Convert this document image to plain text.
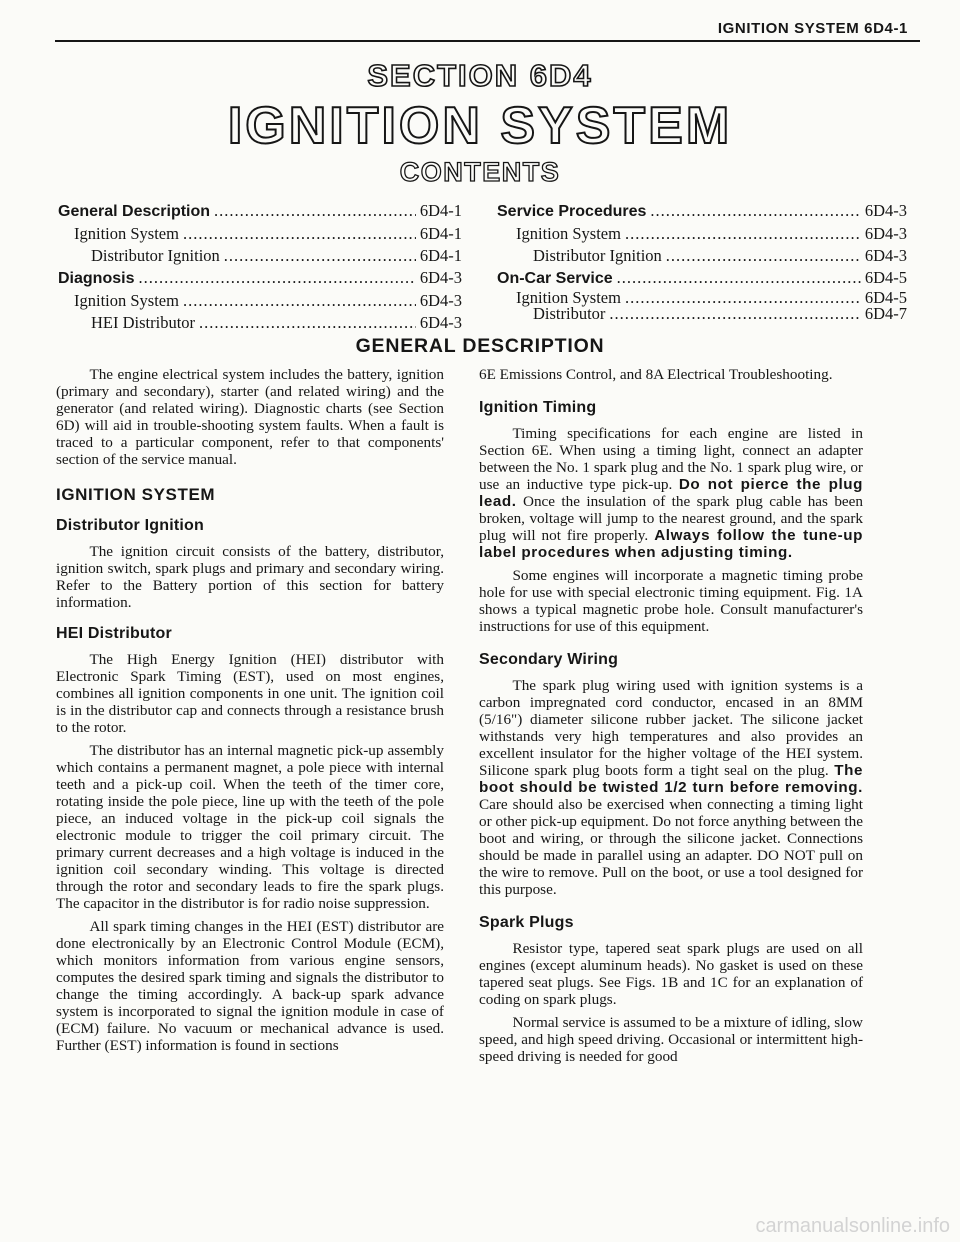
IGNITION SYSTEM 6D4-1
SECTION 6D4
IGNITION SYSTEM
CONTENTS
General Description .....	6D4-1
Ignition System .....	6D4-1
Distributor Ignition .....	6D4-1
Diagnosis .....	6D4-3
Ignition System .....	6D4-3
HEI Distributor .....	6D4-3
Service Procedures .....	6D4-3
Ignition System .....	6D4-3
Distributor Ignition .....	6D4-3
On-Car Service .....	6D4-5
Ignition System .....	6D4-5
Distributor .....	6D4-7
GENERAL DESCRIPTION

The engine electrical system includes the battery, ignition (primary and secondary), starter (and related wiring) and the generator (and related wiring). Diagnostic charts (see Section 6D) will aid in trouble-shooting system faults. When a fault is traced to a particular component, refer to that components' section of the service manual.

IGNITION SYSTEM
Distributor Ignition

The ignition circuit consists of the battery, distributor, ignition switch, spark plugs and primary and secondary wiring. Refer to the Battery portion of this section for battery information.

HEI Distributor

The High Energy Ignition (HEI) distributor with Electronic Spark Timing (EST), used on most engines, combines all ignition components in one unit. The ignition coil is in the distributor cap and connects through a resistance brush to the rotor.

The distributor has an internal magnetic pick-up assembly which contains a permanent magnet, a pole piece with internal teeth and a pick-up coil. When the teeth of the timer core, rotating inside the pole piece, line up with the teeth of the pole piece, an induced voltage in the pick-up coil signals the electronic module to trigger the coil primary circuit. The primary current decreases and a high voltage is induced in the ignition coil secondary winding. This voltage is directed through the rotor and secondary leads to fire the spark plugs. The capacitor in the distributor is for radio noise suppression.

All spark timing changes in the HEI (EST) distributor are done electronically by an Electronic Control Module (ECM), which monitors information from various engine sensors, computes the desired spark timing and signals the distributor to change the timing accordingly. A back-up spark advance system is incorporated to signal the ignition module in case of (ECM) failure. No vacuum or mechanical advance is used. Further (EST) information is found in sections

6E Emissions Control, and 8A Electrical Troubleshooting.

Ignition Timing

Timing specifications for each engine are listed in Section 6E. When using a timing light, connect an adapter between the No. 1 spark plug and the No. 1 spark plug wire, or use an inductive type pick-up. Do not pierce the plug lead. Once the insulation of the spark plug cable has been broken, voltage will jump to the nearest ground, and the spark plug will not fire properly. Always follow the tune-up label procedures when adjusting timing.

Some engines will incorporate a magnetic timing probe hole for use with special electronic timing equipment. Fig. 1A shows a typical magnetic probe hole. Consult manufacturer's instructions for use of this equipment.

Secondary Wiring

The spark plug wiring used with ignition systems is a carbon impregnated cord conductor, encased in an 8MM (5/16") diameter silicone rubber jacket. The silicone jacket withstands very high temperatures and also provides an excellent insulator for the higher voltage of the HEI system. Silicone spark plug boots form a tight seal on the plug. The boot should be twisted 1/2 turn before removing. Care should also be exercised when connecting a timing light or other pick-up equipment. Do not force anything between the boot and wiring, or through the silicone jacket. Connections should be made in parallel using an adapter. DO NOT pull on the wire to remove. Pull on the boot, or use a tool designed for this purpose.

Spark Plugs

Resistor type, tapered seat spark plugs are used on all engines (except aluminum heads). No gasket is used on these tapered seat plugs. See Figs. 1B and 1C for an explanation of coding on spark plugs.

Normal service is assumed to be a mixture of idling, slow speed, and high speed driving. Occasional or intermittent high-speed driving is needed for good

carmanualsonline.info
